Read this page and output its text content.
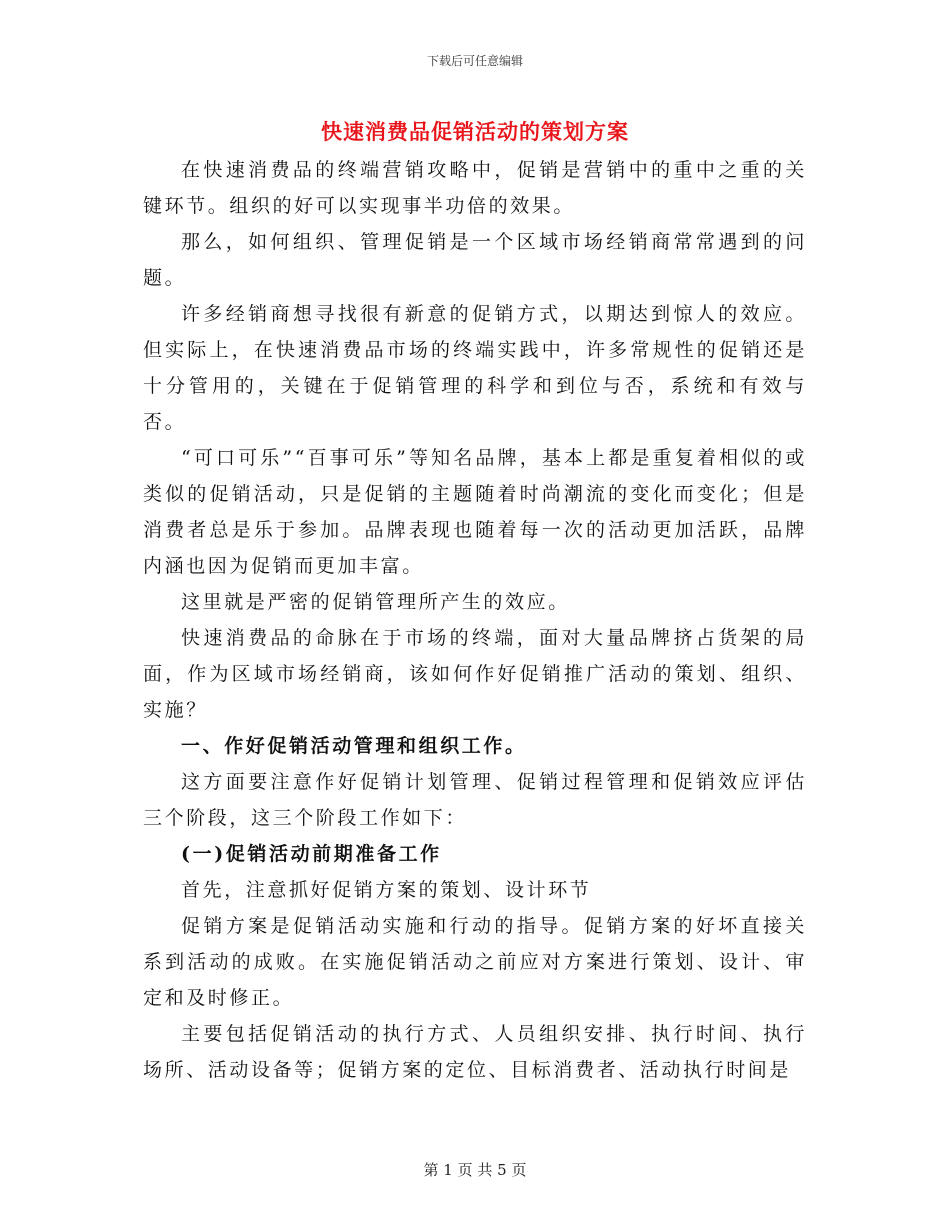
下载后可任意编辑
快速消费品促销活动的策划方案

在快速消费品的终端营销攻略中，促销是营销中的重中之重的关键环节。组织的好可以实现事半功倍的效果。

那么，如何组织、管理促销是一个区域市场经销商常常遇到的问题。

许多经销商想寻找很有新意的促销方式，以期达到惊人的效应。但实际上，在快速消费品市场的终端实践中，许多常规性的促销还是十分管用的，关键在于促销管理的科学和到位与否，系统和有效与否。

“可口可乐”“百事可乐”等知名品牌，基本上都是重复着相似的或类似的促销活动，只是促销的主题随着时尚潮流的变化而变化；但是消费者总是乐于参加。品牌表现也随着每一次的活动更加活跃，品牌内涵也因为促销而更加丰富。

这里就是严密的促销管理所产生的效应。

快速消费品的命脉在于市场的终端，面对大量品牌挤占货架的局面，作为区域市场经销商，该如何作好促销推广活动的策划、组织、实施？

一、作好促销活动管理和组织工作。

这方面要注意作好促销计划管理、促销过程管理和促销效应评估三个阶段，这三个阶段工作如下：

(一)促销活动前期准备工作

首先，注意抓好促销方案的策划、设计环节

促销方案是促销活动实施和行动的指导。促销方案的好坏直接关系到活动的成败。在实施促销活动之前应对方案进行策划、设计、审定和及时修正。

主要包括促销活动的执行方式、人员组织安排、执行时间、执行场所、活动设备等；促销方案的定位、目标消费者、活动执行时间是

第 1 页 共 5 页
